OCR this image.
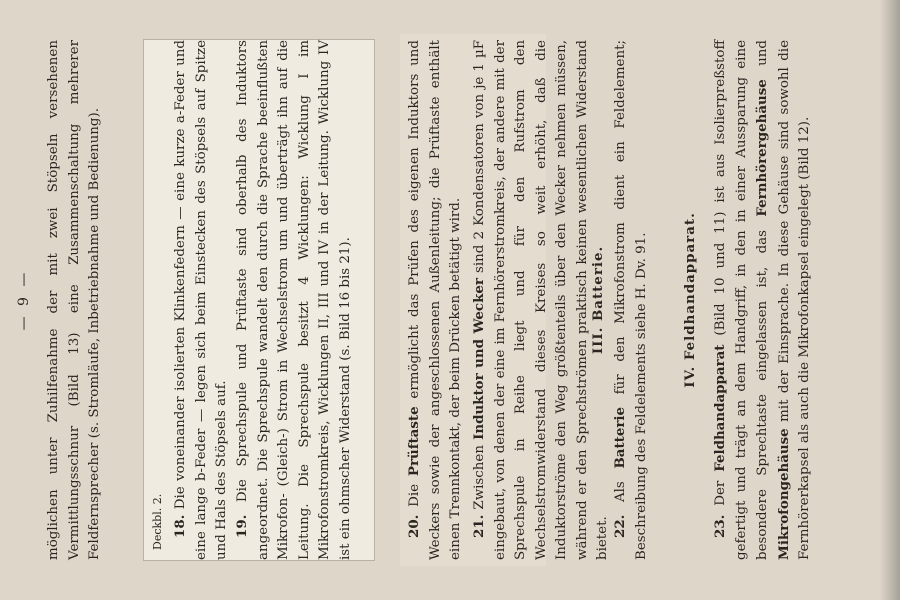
— 9 — möglichen unter Zuhilfenahme der mit zwei Stöpseln versehenen Vermittlungsschnur (Bild 13) eine Zusammenschaltung mehrerer Feldfernsprecher (s. Stromläufe, Inbetriebnahme und Bedienung).	Deckbl. 2. 18. Die voneinander isolierten Klinkenfedern — eine kurze a-Feder und eine lange b-Feder — legen sich beim Einstecken des Stöpsels auf Spitze und Hals des Stöpsels auf. 19. Die Sprechspule und Prüftaste sind oberhalb des Induktors angeordnet. Die Sprechspule wandelt den durch die Sprache beeinflußten Mikrofon- (Gleich-) Strom in Wechselstrom um und überträgt ihn auf die Leitung. Die Sprechspule besitzt 4 Wicklungen: Wicklung I im Mikrofonstromkreis, Wicklungen II, III und IV in der Leitung. Wicklung IV ist ein ohmscher Widerstand (s. Bild 16 bis 21).	20. Die Prüftaste ermöglicht das Prüfen des eigenen Induktors und Weckers sowie der angeschlossenen Außenleitung; die Prüftaste enthält einen Trennkontakt, der beim Drücken betätigt wird. 21. Zwischen Induktor und Wecker sind 2 Kondensatoren von je 1 µF eingebaut, von denen der eine im Fernhörerstromkreis, der andere mit der Sprechspule in Reihe liegt und für den Rufstrom den Wechselstromwiderstand dieses Kreises so weit erhöht, daß die Induktorströme den Weg größtenteils über den Wecker nehmen müssen, während er den Sprechströmen praktisch keinen wesentlichen Widerstand bietet.

III. Batterie.

22. Als Batterie für den Mikrofonstrom dient ein Feldelement; Beschreibung des Feldelements siehe H. Dv. 91.	IV. Feldhandapparat.

23. Der Feldhandapparat (Bild 10 und 11) ist aus Isolierpreßstoff gefertigt und trägt an dem Handgriff, in den in einer Aussparung eine besondere Sprechtaste eingelassen ist, das Fernhörergehäuse und Mikrofongehäuse mit der Einsprache. In diese Gehäuse sind sowohl die Fernhörerkapsel als auch die Mikrofonkapsel eingelegt (Bild 12).
